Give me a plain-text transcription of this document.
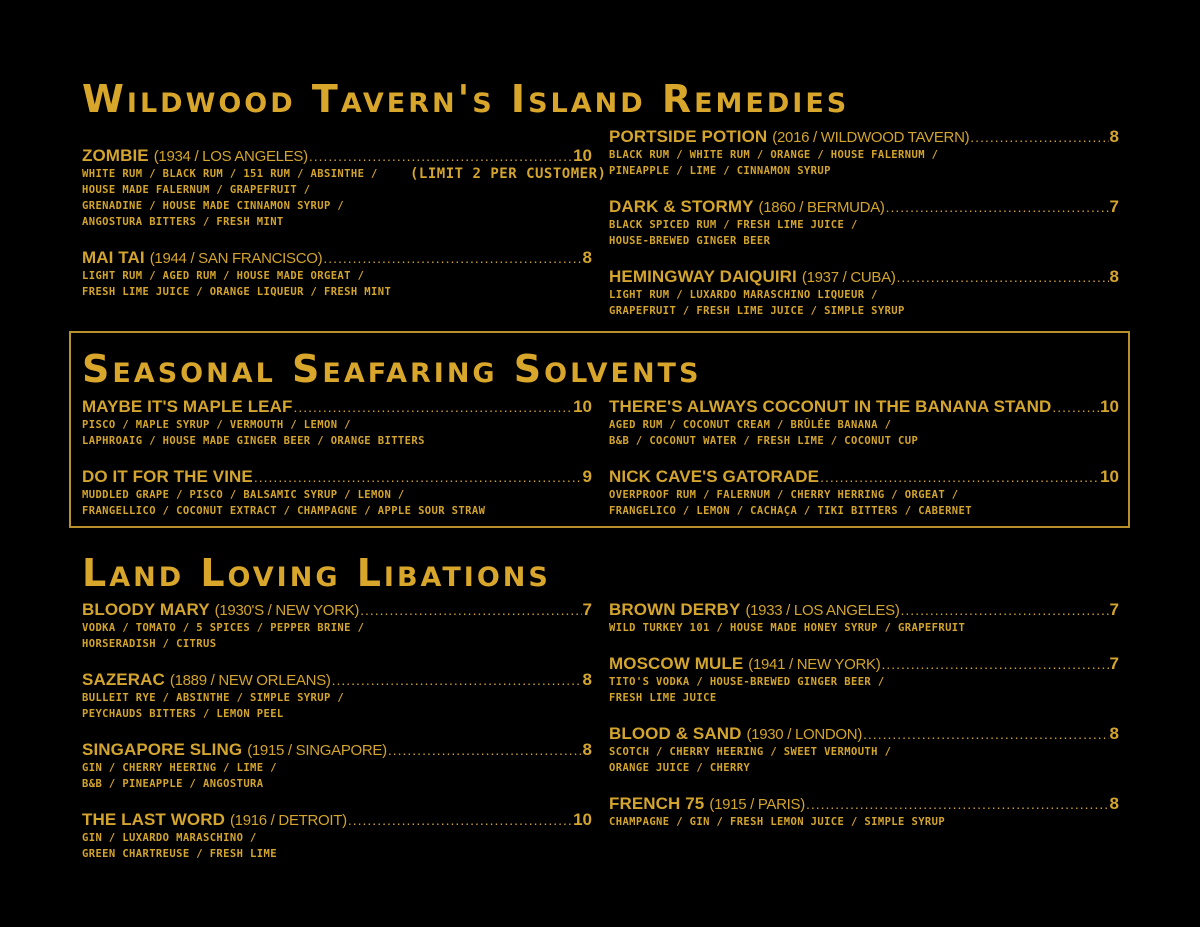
Wildwood Tavern's Island Remedies
ZOMBIE (1934 / LOS ANGELES) .....	10
WHITE RUM / BLACK RUM / 151 RUM / ABSINTHE /
HOUSE MADE FALERNUM / GRAPEFRUIT /
GRENADINE / HOUSE MADE CINNAMON SYRUP /
ANGOSTURA BITTERS / FRESH MINT
(LIMIT 2 PER CUSTOMER)
MAI TAI (1944 / SAN FRANCISCO) .....	8
LIGHT RUM / AGED RUM / HOUSE MADE ORGEAT /
FRESH LIME JUICE / ORANGE LIQUEUR / FRESH MINT
PORTSIDE POTION (2016 / WILDWOOD TAVERN) .....	8
BLACK RUM / WHITE RUM / ORANGE / HOUSE FALERNUM /
PINEAPPLE / LIME / CINNAMON SYRUP
DARK & STORMY (1860 / BERMUDA) .....	7
BLACK SPICED RUM / FRESH LIME JUICE /
HOUSE-BREWED GINGER BEER
HEMINGWAY DAIQUIRI (1937 / CUBA) .....	8
LIGHT RUM / LUXARDO MARASCHINO LIQUEUR /
GRAPEFRUIT / FRESH LIME JUICE / SIMPLE SYRUP
Seasonal Seafaring Solvents
MAYBE IT'S MAPLE LEAF .....	10
PISCO / MAPLE SYRUP / VERMOUTH / LEMON /
LAPHROAIG / HOUSE MADE GINGER BEER / ORANGE BITTERS
DO IT FOR THE VINE .....	9
MUDDLED GRAPE / PISCO / BALSAMIC SYRUP / LEMON /
FRANGELLICO / COCONUT EXTRACT / CHAMPAGNE / APPLE SOUR STRAW
THERE'S ALWAYS COCONUT IN THE BANANA STAND .....	10
AGED RUM / COCONUT CREAM / BRÛLÉE BANANA /
B&B / COCONUT WATER / FRESH LIME / COCONUT CUP
NICK CAVE'S GATORADE .....	10
OVERPROOF RUM / FALERNUM / CHERRY HERRING / ORGEAT /
FRANGELICO / LEMON / CACHAÇA / TIKI BITTERS / CABERNET
Land Loving Libations
BLOODY MARY (1930'S / NEW YORK) .....	7
VODKA / TOMATO / 5 SPICES / PEPPER BRINE /
HORSERADISH / CITRUS
SAZERAC (1889 / NEW ORLEANS) .....	8
BULLEIT RYE / ABSINTHE / SIMPLE SYRUP /
PEYCHAUDS BITTERS / LEMON PEEL
SINGAPORE SLING (1915 / SINGAPORE) .....	8
GIN / CHERRY HEERING / LIME /
B&B / PINEAPPLE / ANGOSTURA
THE LAST WORD (1916 / DETROIT) .....	10
GIN / LUXARDO MARASCHINO /
GREEN CHARTREUSE / FRESH LIME
BROWN DERBY (1933 / LOS ANGELES) .....	7
WILD TURKEY 101 / HOUSE MADE HONEY SYRUP / GRAPEFRUIT
MOSCOW MULE (1941 / NEW YORK) .....	7
TITO'S VODKA / HOUSE-BREWED GINGER BEER /
FRESH LIME JUICE
BLOOD & SAND (1930 / LONDON) .....	8
SCOTCH / CHERRY HEERING / SWEET VERMOUTH /
ORANGE JUICE / CHERRY
FRENCH 75 (1915 / PARIS) .....	8
CHAMPAGNE / GIN / FRESH LEMON JUICE / SIMPLE SYRUP
